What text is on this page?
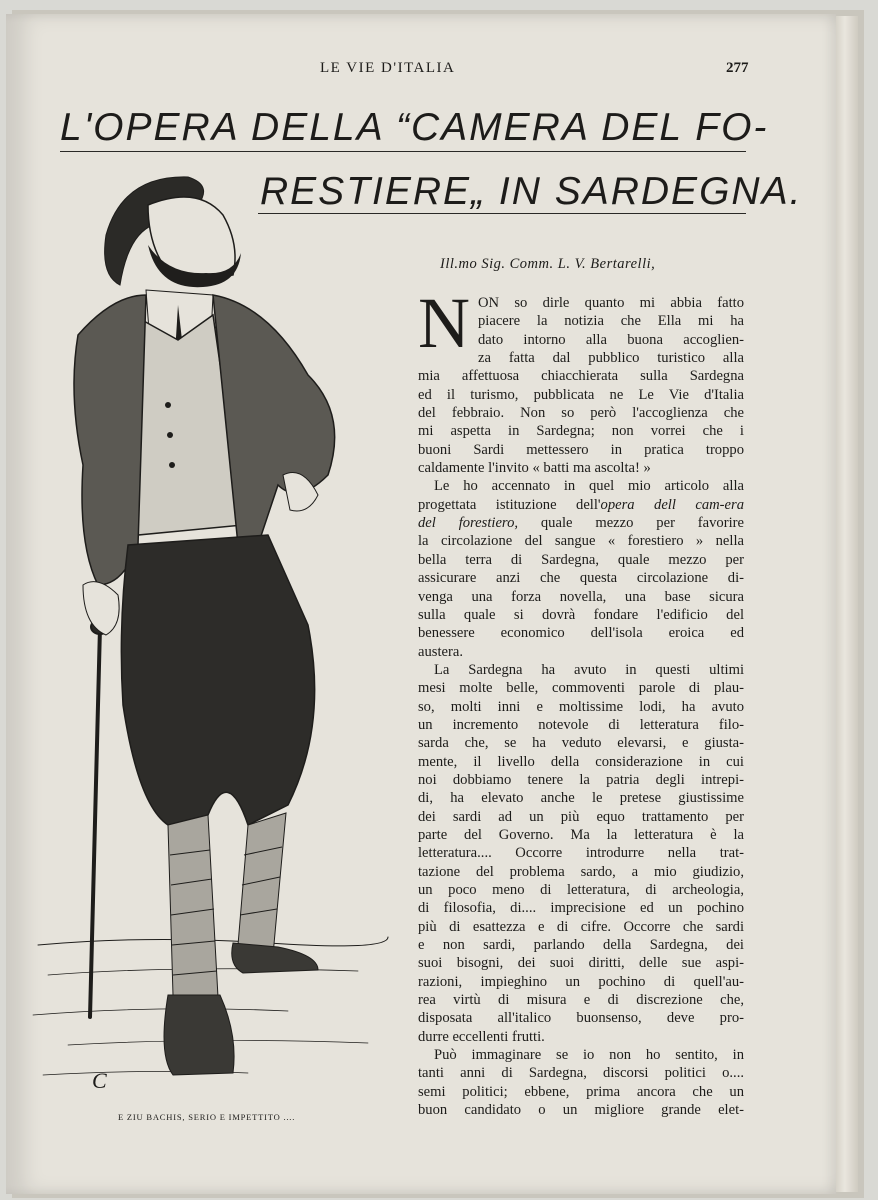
LE VIE D'ITALIA	277
L'OPERA DELLA “CAMERA DEL FO-
RESTIERE„ IN SARDEGNA.
C
E ZIU BACHIS, SERIO E IMPETTITO ....
Ill.mo Sig. Comm. L. V. Bertarelli,
N ON so dirle quanto mi abbia fatto
piacere la notizia che Ella mi ha
dato intorno alla buona accoglien-
za fatta dal pubblico turistico alla
mia affettuosa chiacchierata sulla Sardegna
ed il turismo, pubblicata ne Le Vie d'Italia
del febbraio. Non so però l'accoglienza che
mi aspetta in Sardegna; non vorrei che i
buoni Sardi mettessero in pratica troppo
caldamente l'invito « batti ma ascolta! »
Le ho accennato in quel mio articolo alla
progettata istituzione dell'opera dell cam-era
del forestiero, quale mezzo per favorire
la circolazione del sangue « forestiero » nella
bella terra di Sardegna, quale mezzo per
assicurare anzi che questa circolazione di-
venga una forza novella, una base sicura
sulla quale si dovrà fondare l'edificio del
benessere economico dell'isola eroica ed
austera.
La Sardegna ha avuto in questi ultimi
mesi molte belle, commoventi parole di plau-
so, molti inni e moltissime lodi, ha avuto
un incremento notevole di letteratura filo-
sarda che, se ha veduto elevarsi, e giusta-
mente, il livello della considerazione in cui
noi dobbiamo tenere la patria degli intrepi-
di, ha elevato anche le pretese giustissime
dei sardi ad un più equo trattamento per
parte del Governo. Ma la letteratura è la
letteratura.... Occorre introdurre nella trat-
tazione del problema sardo, a mio giudizio,
un poco meno di letteratura, di archeologia,
di filosofia, di.... imprecisione ed un pochino
più di esattezza e di cifre. Occorre che sardi
e non sardi, parlando della Sardegna, dei
suoi bisogni, dei suoi diritti, delle sue aspi-
razioni, impieghino un pochino di quell'au-
rea virtù di misura e di discrezione che,
disposata all'italico buonsenso, deve pro-
durre eccellenti frutti.
Può immaginare se io non ho sentito, in
tanti anni di Sardegna, discorsi politici o....
semi politici; ebbene, prima ancora che un
buon candidato o un migliore grande elet-
